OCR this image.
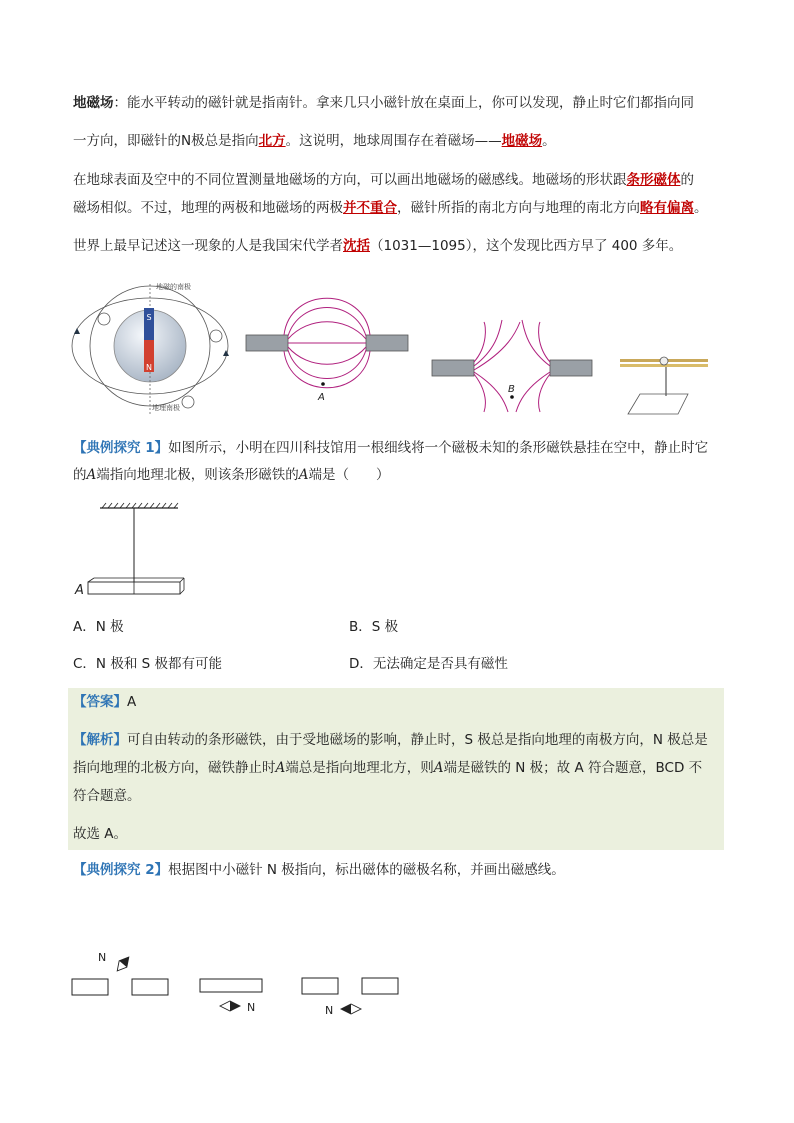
地磁场：能水平转动的磁针就是指南针。拿来几只小磁针放在桌面上，你可以发现，静止时它们都指向同
一方向，即磁针的N极总是指向北方。这说明，地球周围存在着磁场——地磁场。
在地球表面及空中的不同位置测量地磁场的方向，可以画出地磁场的磁感线。地磁场的形状跟条形磁体的
磁场相似。不过，地理的两极和地磁场的两极并不重合，磁针所指的南北方向与地理的南北方向略有偏离。
世界上最早记述这一现象的人是我国宋代学者沈括（1031—1095），这个发现比西方早了 400 多年。
S
N
地磁的南极
地理南极
A
B
【典例探究 1】如图所示，小明在四川科技馆用一根细线将一个磁极未知的条形磁铁悬挂在空中，静止时它
的A端指向地理北极，则该条形磁铁的A端是（　　）
A
A．N 极	B．S 极
C．N 极和 S 极都有可能	D．无法确定是否具有磁性
【答案】A
【解析】可自由转动的条形磁铁，由于受地磁场的影响，静止时，S 极总是指向地理的南极方向，N 极总是
指向地理的北极方向，磁铁静止时A端总是指向地理北方，则A端是磁铁的 N 极；故 A 符合题意，BCD 不
符合题意。
故选 A。
【典例探究 2】根据图中小磁针 N 极指向，标出磁体的磁极名称，并画出磁感线。
N
N	N
